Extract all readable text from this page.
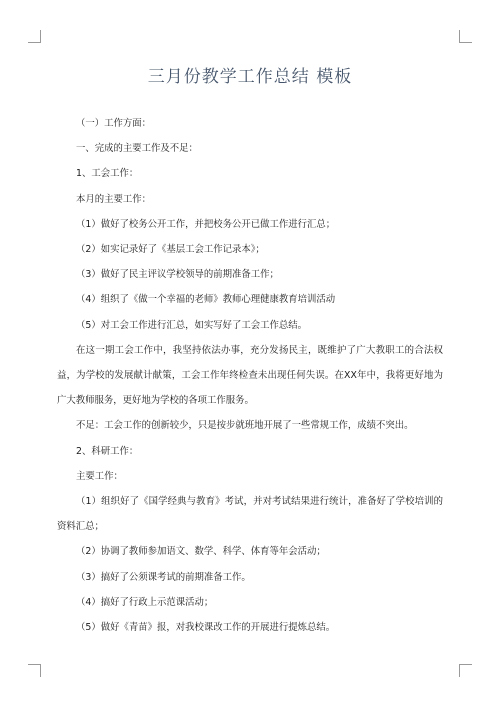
三月份教学工作总结 模板

（一）工作方面：

一、完成的主要工作及不足：

1、工会工作：

本月的主要工作：

（1）做好了校务公开工作，并把校务公开已做工作进行汇总；

（2）如实记录好了《基层工会工作记录本》；

（3）做好了民主评议学校领导的前期准备工作；

（4）组织了《做一个幸福的老师》教师心理健康教育培训活动

（5）对工会工作进行汇总，如实写好了工会工作总结。

在这一期工会工作中，我坚持依法办事，充分发扬民主，既维护了广大教职工的合法权益，为学校的发展献计献策，工会工作年终检查未出现任何失误。在XX年中，我将更好地为广大教师服务，更好地为学校的各项工作服务。

不足：工会工作的创新较少，只是按步就班地开展了一些常规工作，成绩不突出。

2、科研工作：

主要工作：

（1）组织好了《国学经典与教育》考试，并对考试结果进行统计，准备好了学校培训的资料汇总；

（2）协调了教师参加语文、数学、科学、体育等年会活动；

（3）搞好了公须课考试的前期准备工作。

（4）搞好了行政上示范课活动；

（5）做好《青苗》报，对我校课改工作的开展进行提炼总结。
